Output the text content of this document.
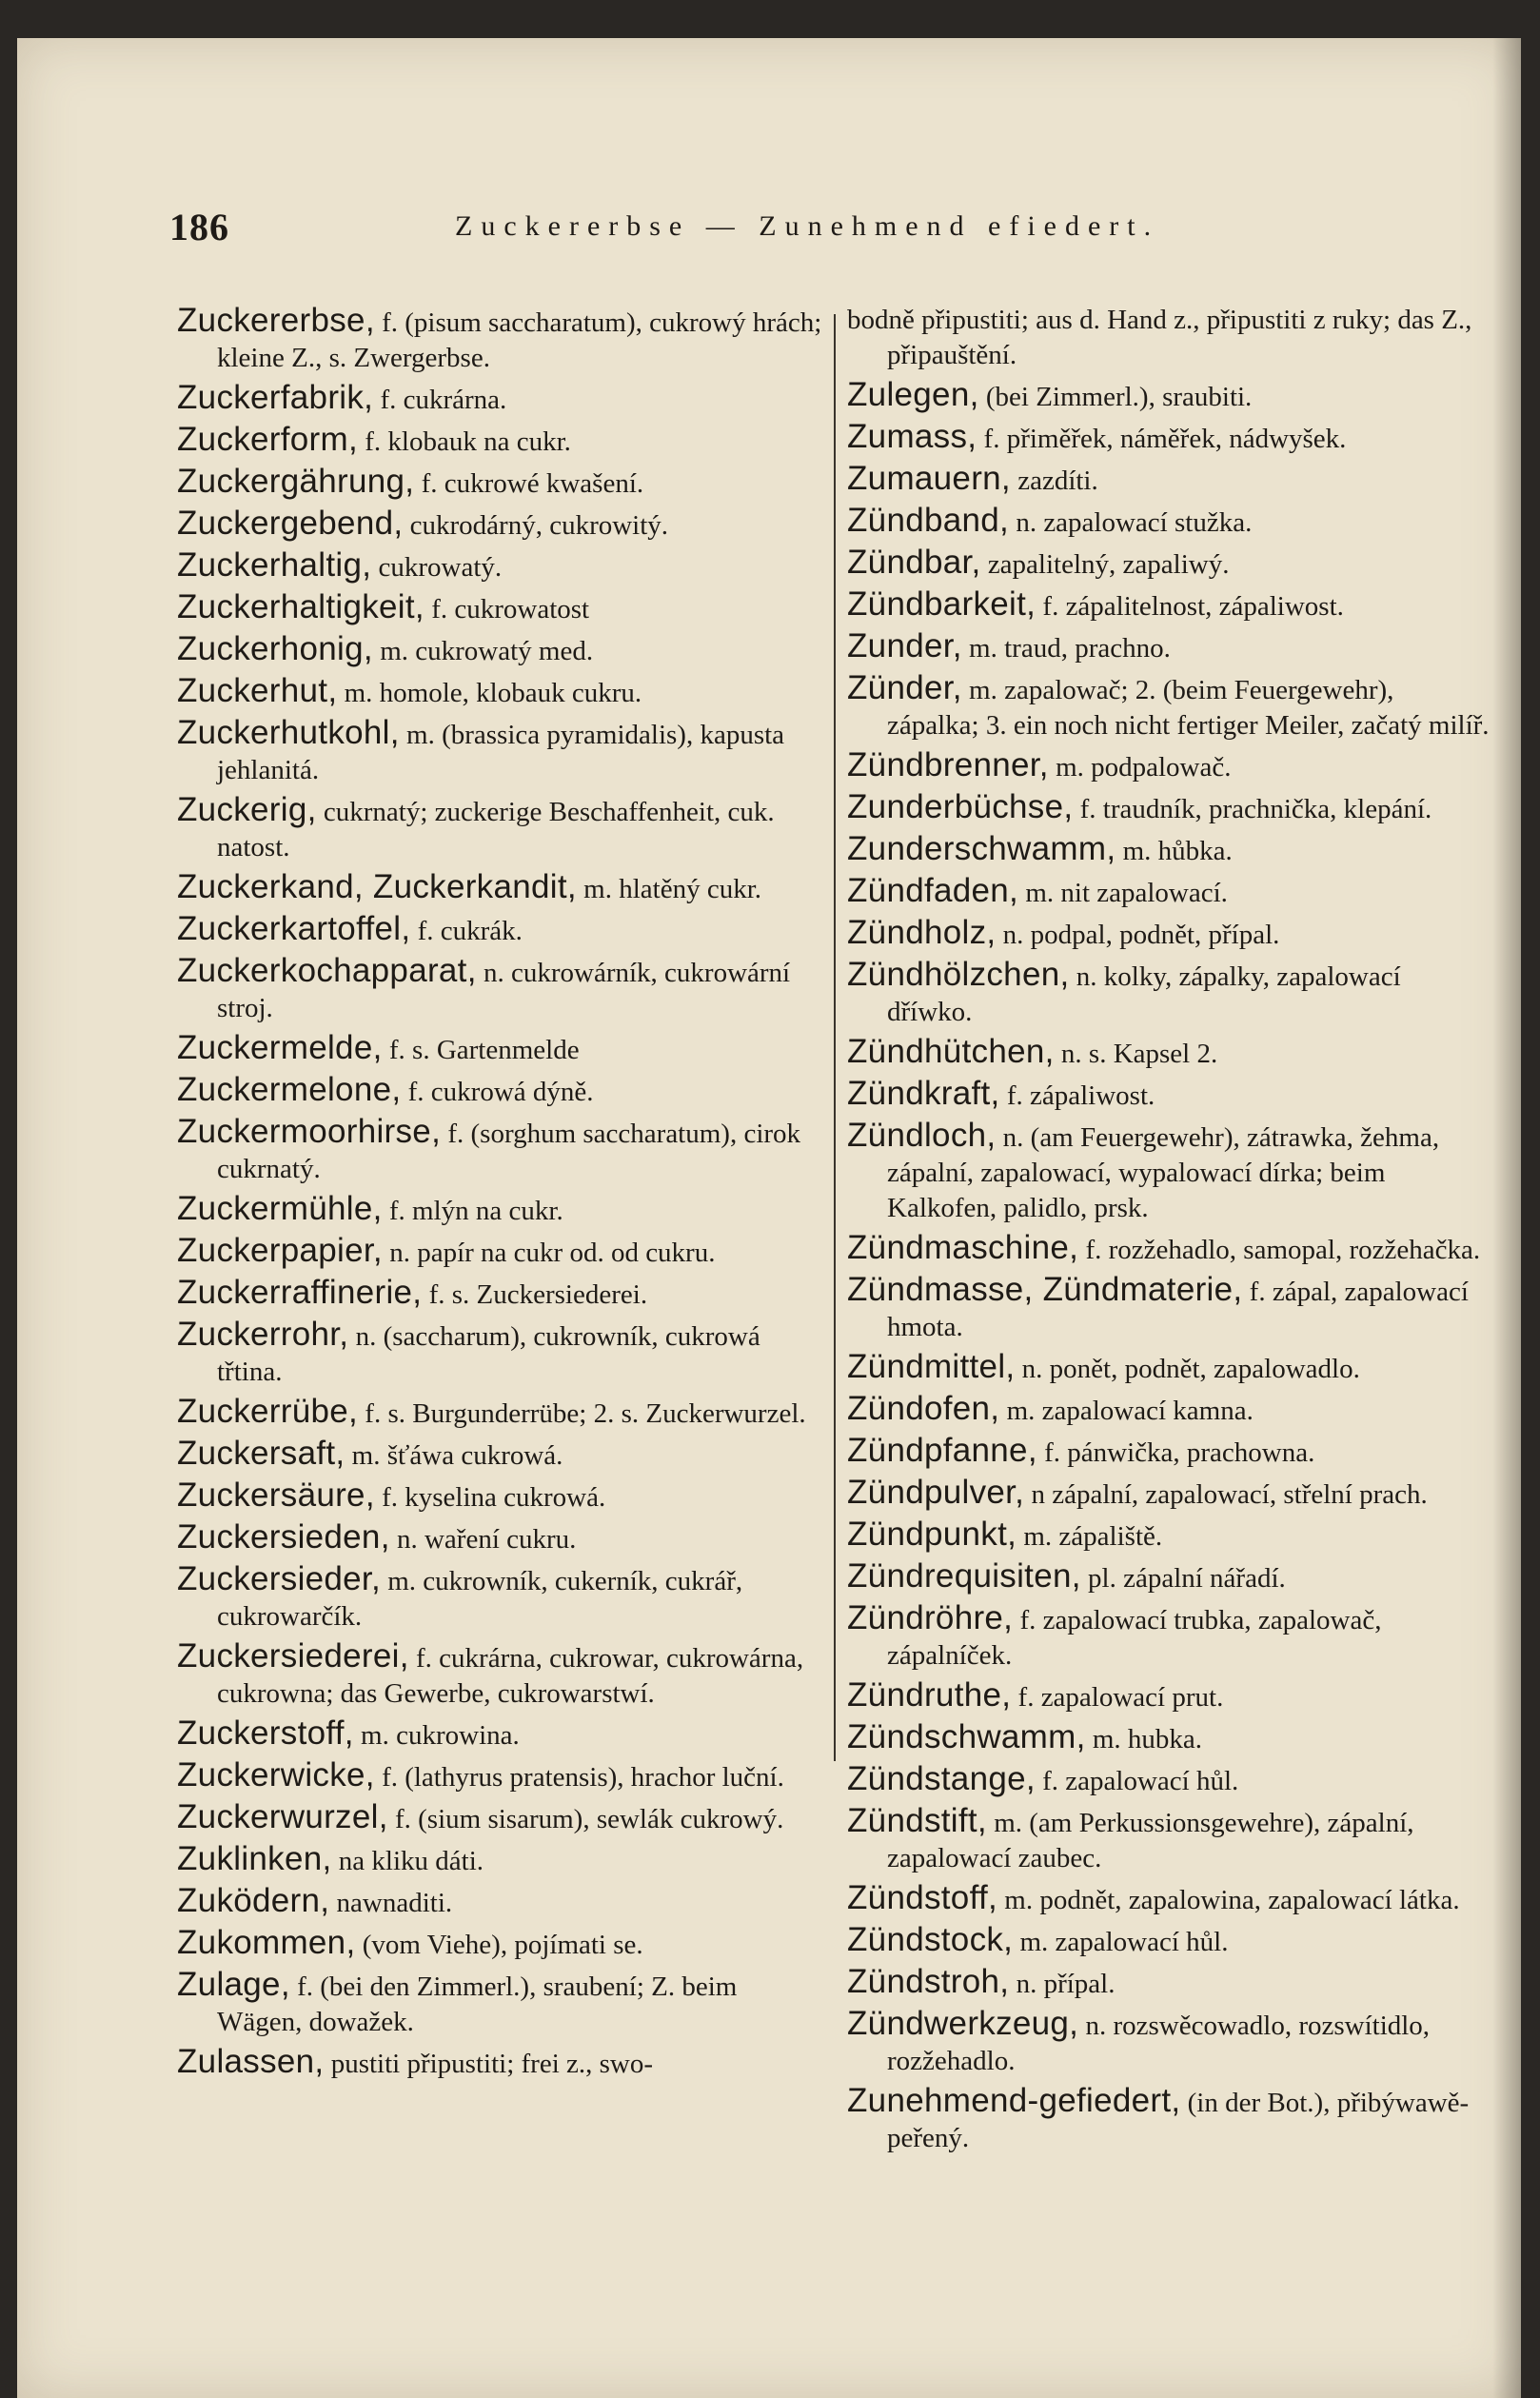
186	Zuckererbse — Zunehmend efiedert.

Zuckererbse, f. (pisum saccharatum), cukrowý hrách; kleine Z., s. Zwergerbse.

Zuckerfabrik, f. cukrárna.

Zuckerform, f. klobauk na cukr.

Zuckergährung, f. cukrowé kwašení.

Zuckergebend, cukrodárný, cukrowitý.

Zuckerhaltig, cukrowatý.

Zuckerhaltigkeit, f. cukrowatost

Zuckerhonig, m. cukrowatý med.

Zuckerhut, m. homole, klobauk cukru.

Zuckerhutkohl, m. (brassica pyramidalis), kapusta jehlanitá.

Zuckerig, cukrnatý; zuckerige Beschaffenheit, cuk. natost.

Zuckerkand, Zuckerkandit, m. hlatěný cukr.

Zuckerkartoffel, f. cukrák.

Zuckerkochapparat, n. cukrowárník, cukrowární stroj.

Zuckermelde, f. s. Gartenmelde

Zuckermelone, f. cukrowá dýně.

Zuckermoorhirse, f. (sorghum saccharatum), cirok cukrnatý.

Zuckermühle, f. mlýn na cukr.

Zuckerpapier, n. papír na cukr od. od cukru.

Zuckerraffinerie, f. s. Zuckersiederei.

Zuckerrohr, n. (saccharum), cukrowník, cukrowá třtina.

Zuckerrübe, f. s. Burgunderrübe; 2. s. Zuckerwurzel.

Zuckersaft, m. šťáwa cukrowá.

Zuckersäure, f. kyselina cukrowá.

Zuckersieden, n. waření cukru.

Zuckersieder, m. cukrowník, cukerník, cukrář, cukrowarčík.

Zuckersiederei, f. cukrárna, cukrowar, cukrowárna, cukrowna; das Gewerbe, cukrowarstwí.

Zuckerstoff, m. cukrowina.

Zuckerwicke, f. (lathyrus pratensis), hrachor luční.

Zuckerwurzel, f. (sium sisarum), sewlák cukrowý.

Zuklinken, na kliku dáti.

Zuködern, nawnaditi.

Zukommen, (vom Viehe), pojímati se.

Zulage, f. (bei den Zimmerl.), sraubení; Z. beim Wägen, dowažek.

Zulassen, pustiti připustiti; frei z., swo-

bodně připustiti; aus d. Hand z., připustiti z ruky; das Z., připauštění.

Zulegen, (bei Zimmerl.), sraubiti.

Zumass, f. přiměřek, náměřek, nádwyšek.

Zumauern, zazdíti.

Zündband, n. zapalowací stužka.

Zündbar, zapalitelný, zapaliwý.

Zündbarkeit, f. zápalitelnost, zápaliwost.

Zunder, m. traud, prachno.

Zünder, m. zapalowač; 2. (beim Feuergewehr), zápalka; 3. ein noch nicht fertiger Meiler, začatý milíř.

Zündbrenner, m. podpalowač.

Zunderbüchse, f. traudník, prachnička, klepání.

Zunderschwamm, m. hůbka.

Zündfaden, m. nit zapalowací.

Zündholz, n. podpal, podnět, přípal.

Zündhölzchen, n. kolky, zápalky, zapalowací dříwko.

Zündhütchen, n. s. Kapsel 2.

Zündkraft, f. zápaliwost.

Zündloch, n. (am Feuergewehr), zátrawka, žehma, zápalní, zapalowací, wypalowací dírka; beim Kalkofen, palidlo, prsk.

Zündmaschine, f. rozžehadlo, samopal, rozžehačka.

Zündmasse, Zündmaterie, f. zápal, zapalowací hmota.

Zündmittel, n. ponět, podnět, zapalowadlo.

Zündofen, m. zapalowací kamna.

Zündpfanne, f. pánwička, prachowna.

Zündpulver, n zápalní, zapalowací, střelní prach.

Zündpunkt, m. zápaliště.

Zündrequisiten, pl. zápalní nářadí.

Zündröhre, f. zapalowací trubka, zapalowač, zápalníček.

Zündruthe, f. zapalowací prut.

Zündschwamm, m. hubka.

Zündstange, f. zapalowací hůl.

Zündstift, m. (am Perkussionsgewehre), zápalní, zapalowací zaubec.

Zündstoff, m. podnět, zapalowina, zapalowací látka.

Zündstock, m. zapalowací hůl.

Zündstroh, n. přípal.

Zündwerkzeug, n. rozswěcowadlo, rozswítidlo, rozžehadlo.

Zunehmend-gefiedert, (in der Bot.), přibýwawě-peřený.
